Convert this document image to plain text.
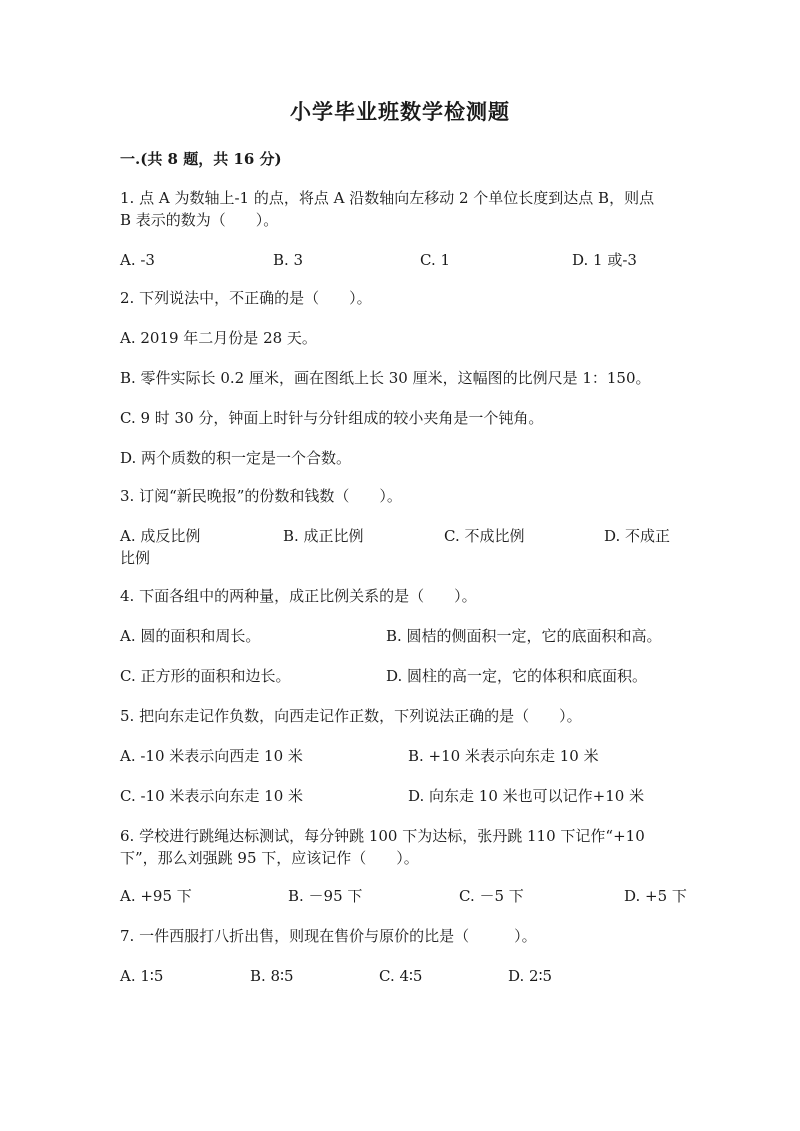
小学毕业班数学检测题
一.(共 8 题，共 16 分)
1. 点 A 为数轴上-1 的点，将点 A 沿数轴向左移动 2 个单位长度到达点 B，则点
B 表示的数为（　　）。
A. -3	B. 3	C. 1	D. 1 或-3
2. 下列说法中，不正确的是（　　）。
A. 2019 年二月份是 28 天。
B. 零件实际长 0.2 厘米，画在图纸上长 30 厘米，这幅图的比例尺是 1：150。
C. 9 时 30 分，钟面上时针与分针组成的较小夹角是一个钝角。
D. 两个质数的积一定是一个合数。
3. 订阅“新民晚报”的份数和钱数（　　）。
A. 成反比例	B. 成正比例	C. 不成比例	D. 不成正
比例
4. 下面各组中的两种量，成正比例关系的是（　　）。
A. 圆的面积和周长。	B. 圆桔的侧面积一定，它的底面积和高。
C. 正方形的面积和边长。	D. 圆柱的高一定，它的体积和底面积。
5. 把向东走记作负数，向西走记作正数，下列说法正确的是（　　）。
A. -10 米表示向西走 10 米	B. +10 米表示向东走 10 米
C. -10 米表示向东走 10 米	D. 向东走 10 米也可以记作+10 米
6. 学校进行跳绳达标测试，每分钟跳 100 下为达标，张丹跳 110 下记作“+10
下”，那么刘强跳 95 下，应该记作（　　）。
A. +95 下	B. －95 下	C. －5 下	D. +5 下
7. 一件西服打八折出售，则现在售价与原价的比是（　　　）。
A. 1∶5	B. 8∶5	C. 4∶5	D. 2∶5
